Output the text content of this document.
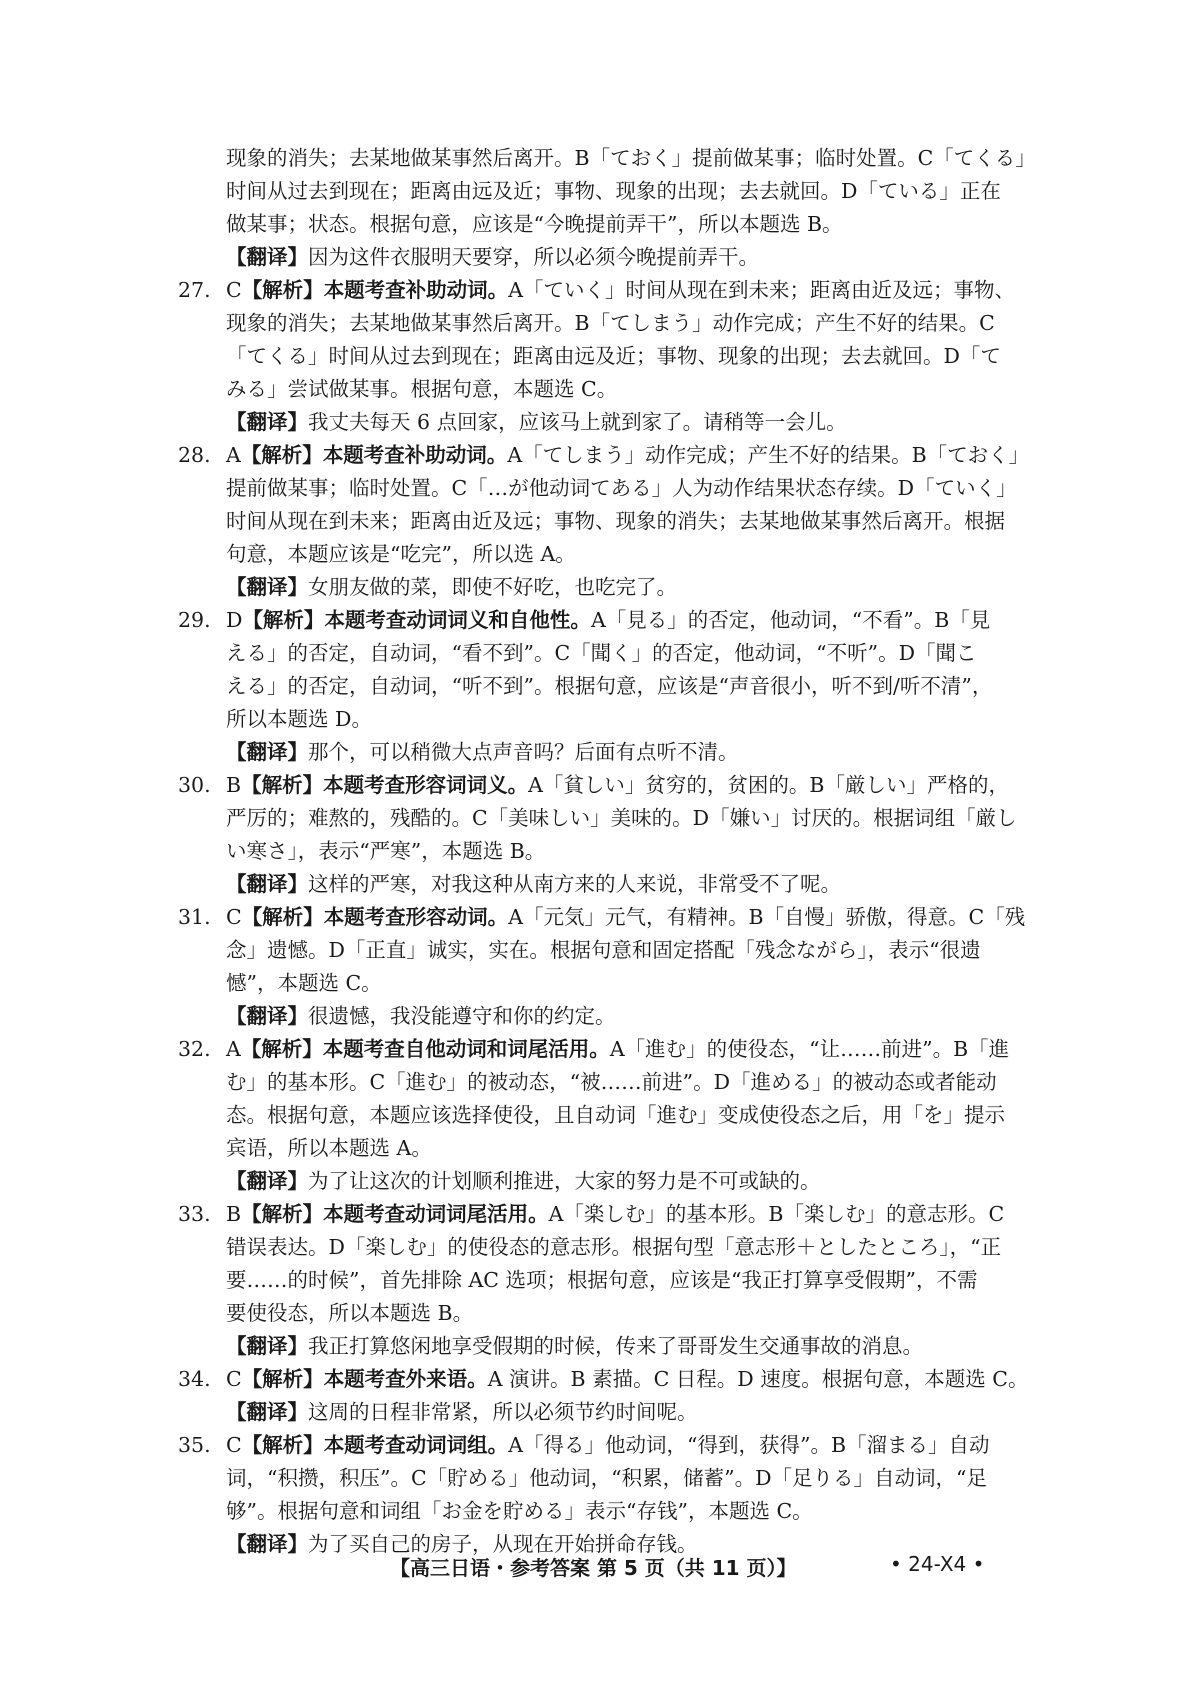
现象的消失；去某地做某事然后离开。B「ておく」提前做某事；临时处置。C「てくる」
时间从过去到现在；距离由远及近；事物、现象的出现；去去就回。D「ている」正在
做某事；状态。根据句意，应该是“今晚提前弄干”，所以本题选 B。
【翻译】因为这件衣服明天要穿，所以必须今晚提前弄干。
27. C【解析】本题考查补助动词。A「ていく」时间从现在到未来；距离由近及远；事物、
现象的消失；去某地做某事然后离开。B「てしまう」动作完成；产生不好的结果。C
「てくる」时间从过去到现在；距离由远及近；事物、现象的出现；去去就回。D「て
みる」尝试做某事。根据句意，本题选 C。
【翻译】我丈夫每天 6 点回家，应该马上就到家了。请稍等一会儿。
28. A【解析】本题考查补助动词。A「てしまう」动作完成；产生不好的结果。B「ておく」
提前做某事；临时处置。C「…が他动词てある」人为动作结果状态存续。D「ていく」
时间从现在到未来；距离由近及远；事物、现象的消失；去某地做某事然后离开。根据
句意，本题应该是“吃完”，所以选 A。
【翻译】女朋友做的菜，即使不好吃，也吃完了。
29. D【解析】本题考查动词词义和自他性。A「見る」的否定，他动词，“不看”。B「見
える」的否定，自动词，“看不到”。C「聞く」的否定，他动词，“不听”。D「聞こ
える」的否定，自动词，“听不到”。根据句意，应该是“声音很小，听不到/听不清”，
所以本题选 D。
【翻译】那个，可以稍微大点声音吗？后面有点听不清。
30. B【解析】本题考查形容词词义。A「貧しい」贫穷的，贫困的。B「厳しい」严格的，
严厉的；难熬的，残酷的。C「美味しい」美味的。D「嫌い」讨厌的。根据词组「厳し
い寒さ」，表示“严寒”，本题选 B。
【翻译】这样的严寒，对我这种从南方来的人来说，非常受不了呢。
31. C【解析】本题考查形容动词。A「元気」元气，有精神。B「自慢」骄傲，得意。C「残
念」遗憾。D「正直」诚实，实在。根据句意和固定搭配「残念ながら」，表示“很遗
憾”，本题选 C。
【翻译】很遗憾，我没能遵守和你的约定。
32. A【解析】本题考查自他动词和词尾活用。A「進む」的使役态，“让……前进”。B「進
む」的基本形。C「進む」的被动态，“被……前进”。D「進める」的被动态或者能动
态。根据句意，本题应该选择使役，且自动词「進む」变成使役态之后，用「を」提示
宾语，所以本题选 A。
【翻译】为了让这次的计划顺利推进，大家的努力是不可或缺的。
33. B【解析】本题考查动词词尾活用。A「楽しむ」的基本形。B「楽しむ」的意志形。C
错误表达。D「楽しむ」的使役态的意志形。根据句型「意志形＋としたところ」，“正
要……的时候”，首先排除 AC 选项；根据句意，应该是“我正打算享受假期”，不需
要使役态，所以本题选 B。
【翻译】我正打算悠闲地享受假期的时候，传来了哥哥发生交通事故的消息。
34. C【解析】本题考查外来语。A 演讲。B 素描。C 日程。D 速度。根据句意，本题选 C。
【翻译】这周的日程非常紧，所以必须节约时间呢。
35. C【解析】本题考查动词词组。A「得る」他动词，“得到，获得”。B「溜まる」自动
词，“积攒，积压”。C「貯める」他动词，“积累，储蓄”。D「足りる」自动词，“足
够”。根据句意和词组「お金を貯める」表示“存钱”，本题选 C。
【翻译】为了买自己的房子，从现在开始拼命存钱。
【高三日语・参考答案 第 5 页（共 11 页）】	• 24-X4 •
